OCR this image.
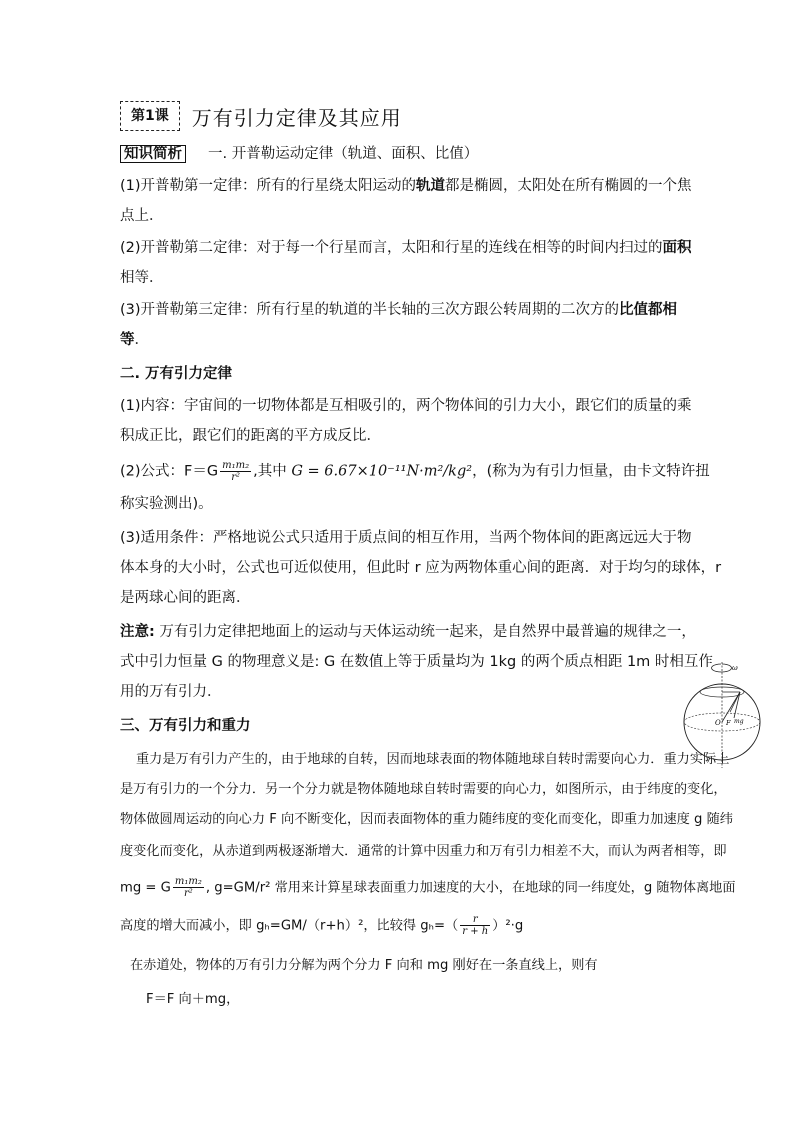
第1课	万有引力定律及其应用
知识简析 一. 开普勒运动定律（轨道、面积、比值）
(1)开普勒第一定律：所有的行星绕太阳运动的轨道都是椭圆，太阳处在所有椭圆的一个焦
点上．
(2)开普勒第二定律：对于每一个行星而言，太阳和行星的连线在相等的时间内扫过的面积
相等．
(3)开普勒第三定律：所有行星的轨道的半长轴的三次方跟公转周期的二次方的比值都相
等．
二. 万有引力定律
(1)内容：宇宙间的一切物体都是互相吸引的，两个物体间的引力大小，跟它们的质量的乘
积成正比，跟它们的距离的平方成反比．
(2)公式：$F=G \frac{\text{m₁m₂}}{\text{r²}}$ ,其中 G = 6.67×10⁻¹¹N·m²/kg²，(称为为有引力恒量，由卡文特许扭
称实验测出)。
(3)适用条件：严格地说公式只适用于质点间的相互作用，当两个物体间的距离远远大于物
体本身的大小时，公式也可近似使用，但此时 r 应为两物体重心间的距离．对于均匀的球体，r
是两球心间的距离．
注意: 万有引力定律把地面上的运动与天体运动统一起来，是自然界中最普遍的规律之一，
式中引力恒量 G 的物理意义是: G 在数值上等于质量均为 1kg 的两个质点相距 1m 时相互作
用的万有引力．
三、万有引力和重力
重力是万有引力产生的，由于地球的自转，因而地球表面的物体随地球自转时需要向心力．重力实际上
是万有引力的一个分力．另一个分力就是物体随地球自转时需要的向心力，如图所示，由于纬度的变化，
物体做圆周运动的向心力 F 向不断变化，因而表面物体的重力随纬度的变化而变化，即重力加速度 g 随纬
度变化而变化，从赤道到两极逐渐增大．通常的计算中因重力和万有引力相差不大，而认为两者相等，即
mg = G $\frac{\text{m₁m₂}}{\text{r²}}$ , g=GM/r² 常用来计算星球表面重力加速度的大小，在地球的同一纬度处，g 随物体离地面
高度的增大而减小，即 gₕ=GM/（r+h）²，比较得 $g_h=( \frac{r}{r + h} )^2\cdot g$
在赤道处，物体的万有引力分解为两个分力 F 向和 mg 刚好在一条直线上，则有
F＝F 向＋mg，
ω
O F mg
